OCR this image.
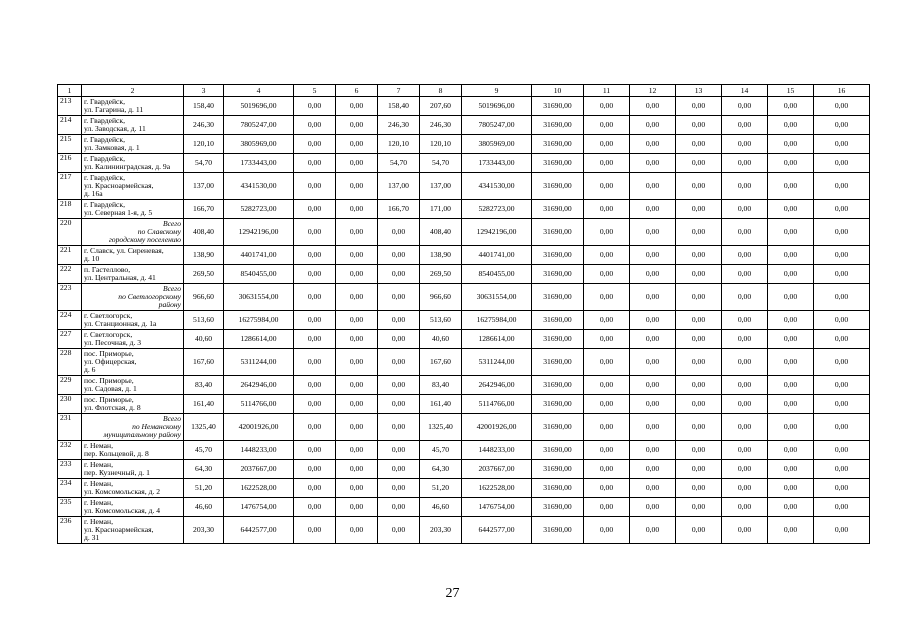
1	2	3	4	5	6	7	8	9	10	11	12	13	14	15	16
213	г. Гвардейск,
ул. Гагарина, д. 11	158,40	5019696,00	0,00	0,00	158,40	207,60	5019696,00	31690,00	0,00	0,00	0,00	0,00	0,00	0,00
214	г. Гвардейск,
ул. Заводская, д. 11	246,30	7805247,00	0,00	0,00	246,30	246,30	7805247,00	31690,00	0,00	0,00	0,00	0,00	0,00	0,00
215	г. Гвардейск,
ул. Замковая, д. 1	120,10	3805969,00	0,00	0,00	120,10	120,10	3805969,00	31690,00	0,00	0,00	0,00	0,00	0,00	0,00
216	г. Гвардейск,
ул. Калининградская, д. 9а	54,70	1733443,00	0,00	0,00	54,70	54,70	1733443,00	31690,00	0,00	0,00	0,00	0,00	0,00	0,00
217	г. Гвардейск,
ул. Красноармейская,
д. 16а	137,00	4341530,00	0,00	0,00	137,00	137,00	4341530,00	31690,00	0,00	0,00	0,00	0,00	0,00	0,00
218	г. Гвардейск,
ул. Северная 1-я, д. 5	166,70	5282723,00	0,00	0,00	166,70	171,00	5282723,00	31690,00	0,00	0,00	0,00	0,00	0,00	0,00
220	Всего
по Славскому
городскому поселению	408,40	12942196,00	0,00	0,00	0,00	408,40	12942196,00	31690,00	0,00	0,00	0,00	0,00	0,00	0,00
221	г. Славск, ул. Сиреневая,
д. 10	138,90	4401741,00	0,00	0,00	0,00	138,90	4401741,00	31690,00	0,00	0,00	0,00	0,00	0,00	0,00
222	п. Гастеллово,
ул. Центральная, д. 41	269,50	8540455,00	0,00	0,00	0,00	269,50	8540455,00	31690,00	0,00	0,00	0,00	0,00	0,00	0,00
223	Всего
по Светлогорскому
району	966,60	30631554,00	0,00	0,00	0,00	966,60	30631554,00	31690,00	0,00	0,00	0,00	0,00	0,00	0,00
224	г. Светлогорск,
ул. Станционная, д. 1а	513,60	16275984,00	0,00	0,00	0,00	513,60	16275984,00	31690,00	0,00	0,00	0,00	0,00	0,00	0,00
227	г. Светлогорск,
ул. Песочная, д. 3	40,60	1286614,00	0,00	0,00	0,00	40,60	1286614,00	31690,00	0,00	0,00	0,00	0,00	0,00	0,00
228	пос. Приморье,
ул. Офицерская,
д. 6	167,60	5311244,00	0,00	0,00	0,00	167,60	5311244,00	31690,00	0,00	0,00	0,00	0,00	0,00	0,00
229	пос. Приморье,
ул. Садовая, д. 1	83,40	2642946,00	0,00	0,00	0,00	83,40	2642946,00	31690,00	0,00	0,00	0,00	0,00	0,00	0,00
230	пос. Приморье,
ул. Флотская, д. 8	161,40	5114766,00	0,00	0,00	0,00	161,40	5114766,00	31690,00	0,00	0,00	0,00	0,00	0,00	0,00
231	Всего
по Неманскому
муниципальному району	1325,40	42001926,00	0,00	0,00	0,00	1325,40	42001926,00	31690,00	0,00	0,00	0,00	0,00	0,00	0,00
232	г. Неман,
пер. Кольцевой, д. 8	45,70	1448233,00	0,00	0,00	0,00	45,70	1448233,00	31690,00	0,00	0,00	0,00	0,00	0,00	0,00
233	г. Неман,
пер. Кузнечный, д. 1	64,30	2037667,00	0,00	0,00	0,00	64,30	2037667,00	31690,00	0,00	0,00	0,00	0,00	0,00	0,00
234	г. Неман,
ул. Комсомольская, д. 2	51,20	1622528,00	0,00	0,00	0,00	51,20	1622528,00	31690,00	0,00	0,00	0,00	0,00	0,00	0,00
235	г. Неман,
ул. Комсомольская, д. 4	46,60	1476754,00	0,00	0,00	0,00	46,60	1476754,00	31690,00	0,00	0,00	0,00	0,00	0,00	0,00
236	г. Неман,
ул. Красноармейская,
д. 31	203,30	6442577,00	0,00	0,00	0,00	203,30	6442577,00	31690,00	0,00	0,00	0,00	0,00	0,00	0,00
27
